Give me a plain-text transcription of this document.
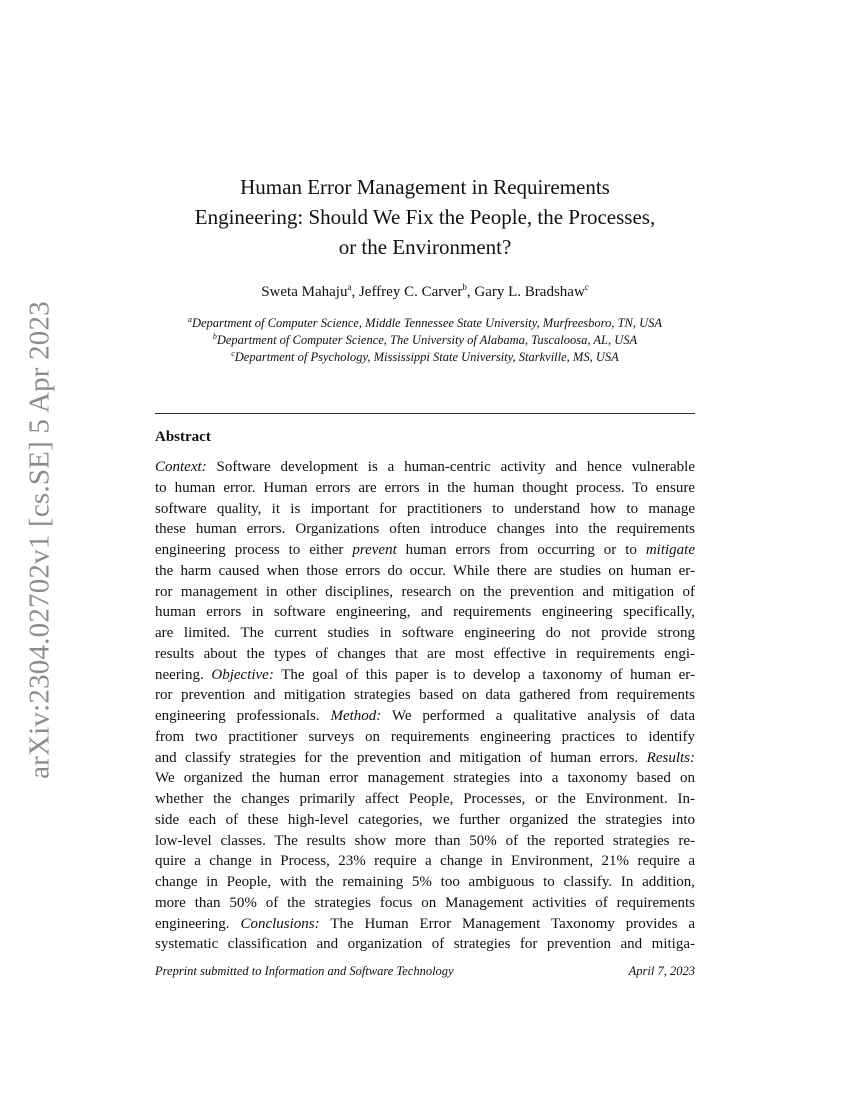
arXiv:2304.02702v1 [cs.SE] 5 Apr 2023
Human Error Management in Requirements
Engineering: Should We Fix the People, the Processes,
or the Environment?
Sweta Mahaju$^a$, Jeffrey C. Carver$^b$, Gary L. Bradshaw$^c$
$^a$Department of Computer Science, Middle Tennessee State University, Murfreesboro, TN, USA
$^b$Department of Computer Science, The University of Alabama, Tuscaloosa, AL, USA
$^c$Department of Psychology, Mississippi State University, Starkville, MS, USA
Abstract
Context: Software development is a human-centric activity and hence vulnerable
to human error. Human errors are errors in the human thought process. To ensure
software quality, it is important for practitioners to understand how to manage
these human errors. Organizations often introduce changes into the requirements
engineering process to either prevent human errors from occurring or to mitigate
the harm caused when those errors do occur. While there are studies on human er-
ror management in other disciplines, research on the prevention and mitigation of
human errors in software engineering, and requirements engineering specifically,
are limited. The current studies in software engineering do not provide strong
results about the types of changes that are most effective in requirements engi-
neering. Objective: The goal of this paper is to develop a taxonomy of human er-
ror prevention and mitigation strategies based on data gathered from requirements
engineering professionals. Method: We performed a qualitative analysis of data
from two practitioner surveys on requirements engineering practices to identify
and classify strategies for the prevention and mitigation of human errors. Results:
We organized the human error management strategies into a taxonomy based on
whether the changes primarily affect People, Processes, or the Environment. In-
side each of these high-level categories, we further organized the strategies into
low-level classes. The results show more than 50% of the reported strategies re-
quire a change in Process, 23% require a change in Environment, 21% require a
change in People, with the remaining 5% too ambiguous to classify. In addition,
more than 50% of the strategies focus on Management activities of requirements
engineering. Conclusions: The Human Error Management Taxonomy provides a
systematic classification and organization of strategies for prevention and mitiga-
Preprint submitted to Information and Software Technology	April 7, 2023
